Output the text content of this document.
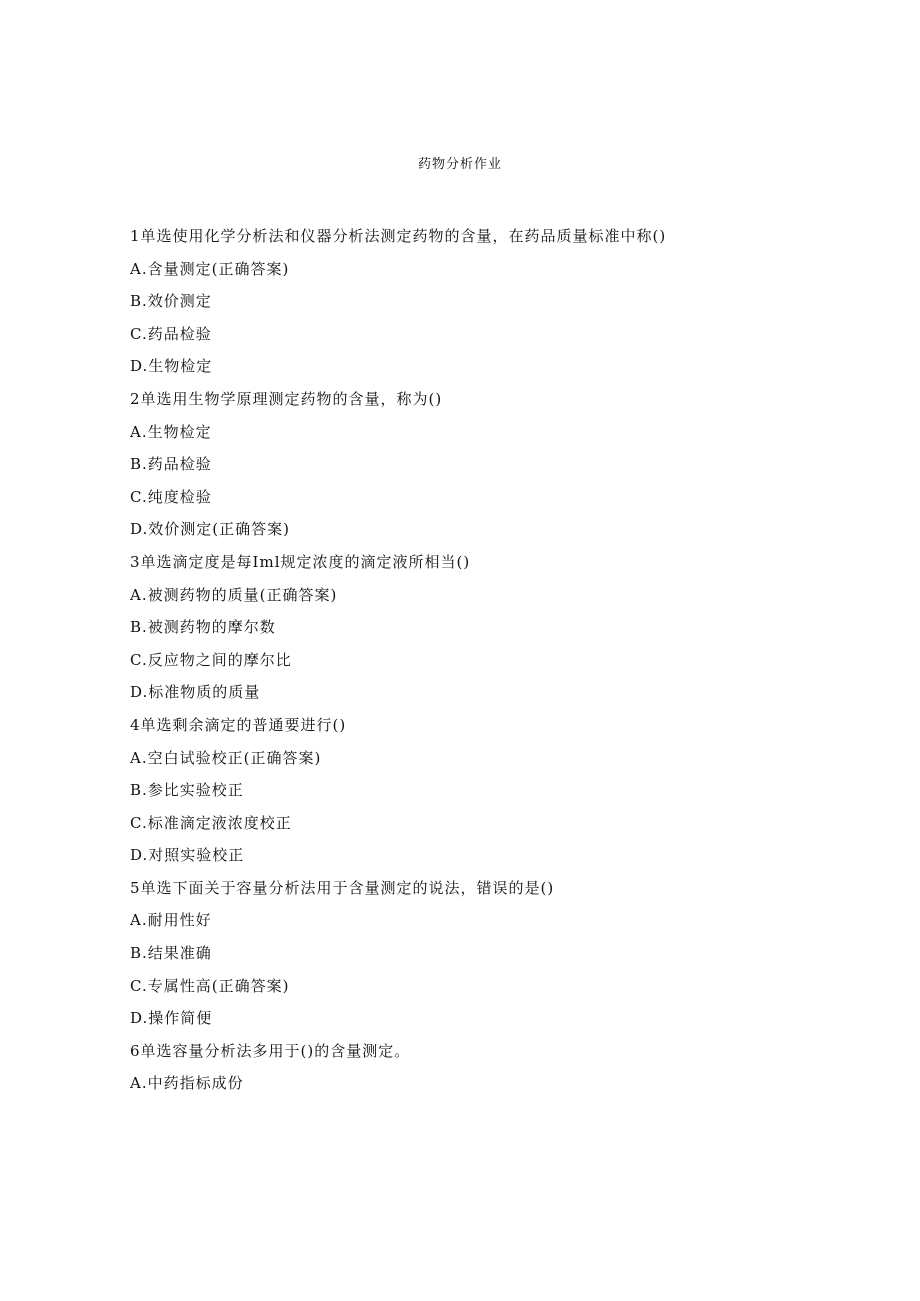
药物分析作业
1单选使用化学分析法和仪器分析法测定药物的含量，在药品质量标准中称()
A.含量测定(正确答案)
B.效价测定
C.药品检验
D.生物检定
2单选用生物学原理测定药物的含量，称为()
A.生物检定
B.药品检验
C.纯度检验
D.效价测定(正确答案)
3单选滴定度是每Iml规定浓度的滴定液所相当()
A.被测药物的质量(正确答案)
B.被测药物的摩尔数
C.反应物之间的摩尔比
D.标准物质的质量
4单选剩余滴定的普通要进行()
A.空白试验校正(正确答案)
B.参比实验校正
C.标准滴定液浓度校正
D.对照实验校正
5单选下面关于容量分析法用于含量测定的说法，错误的是()
A.耐用性好
B.结果准确
C.专属性高(正确答案)
D.操作简便
6单选容量分析法多用于()的含量测定。
A.中药指标成份
